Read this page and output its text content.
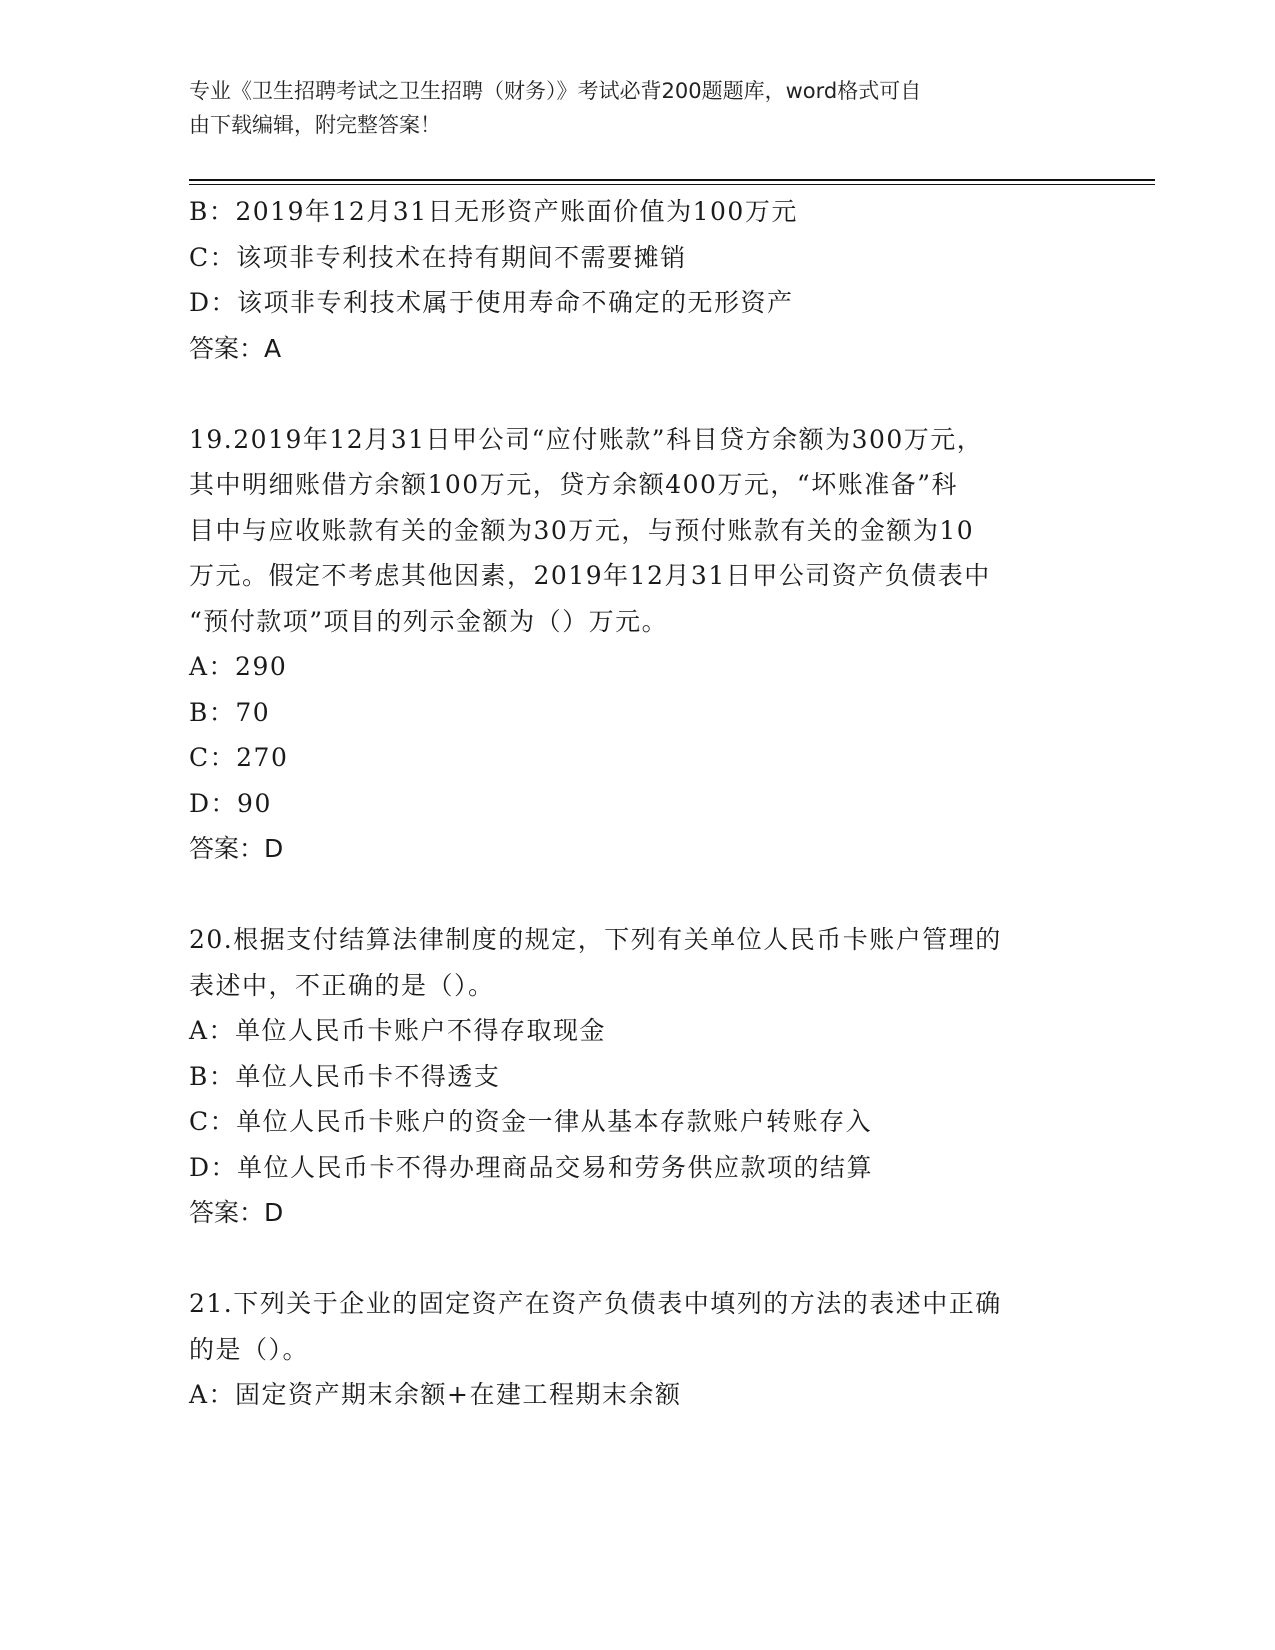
专业《卫生招聘考试之卫生招聘（财务）》考试必背200题题库，word格式可自
由下载编辑，附完整答案！
B：2019年12月31日无形资产账面价值为100万元
C：该项非专利技术在持有期间不需要摊销
D：该项非专利技术属于使用寿命不确定的无形资产
答案：A
19.2019年12月31日甲公司“应付账款”科目贷方余额为300万元，
其中明细账借方余额100万元，贷方余额400万元，“坏账准备”科
目中与应收账款有关的金额为30万元，与预付账款有关的金额为10
万元。假定不考虑其他因素，2019年12月31日甲公司资产负债表中
“预付款项”项目的列示金额为（）万元。
A：290
B：70
C：270
D：90
答案：D
20.根据支付结算法律制度的规定，下列有关单位人民币卡账户管理的
表述中，不正确的是（）。
A：单位人民币卡账户不得存取现金
B：单位人民币卡不得透支
C：单位人民币卡账户的资金一律从基本存款账户转账存入
D：单位人民币卡不得办理商品交易和劳务供应款项的结算
答案：D
21.下列关于企业的固定资产在资产负债表中填列的方法的表述中正确
的是（）。
A：固定资产期末余额+在建工程期末余额
